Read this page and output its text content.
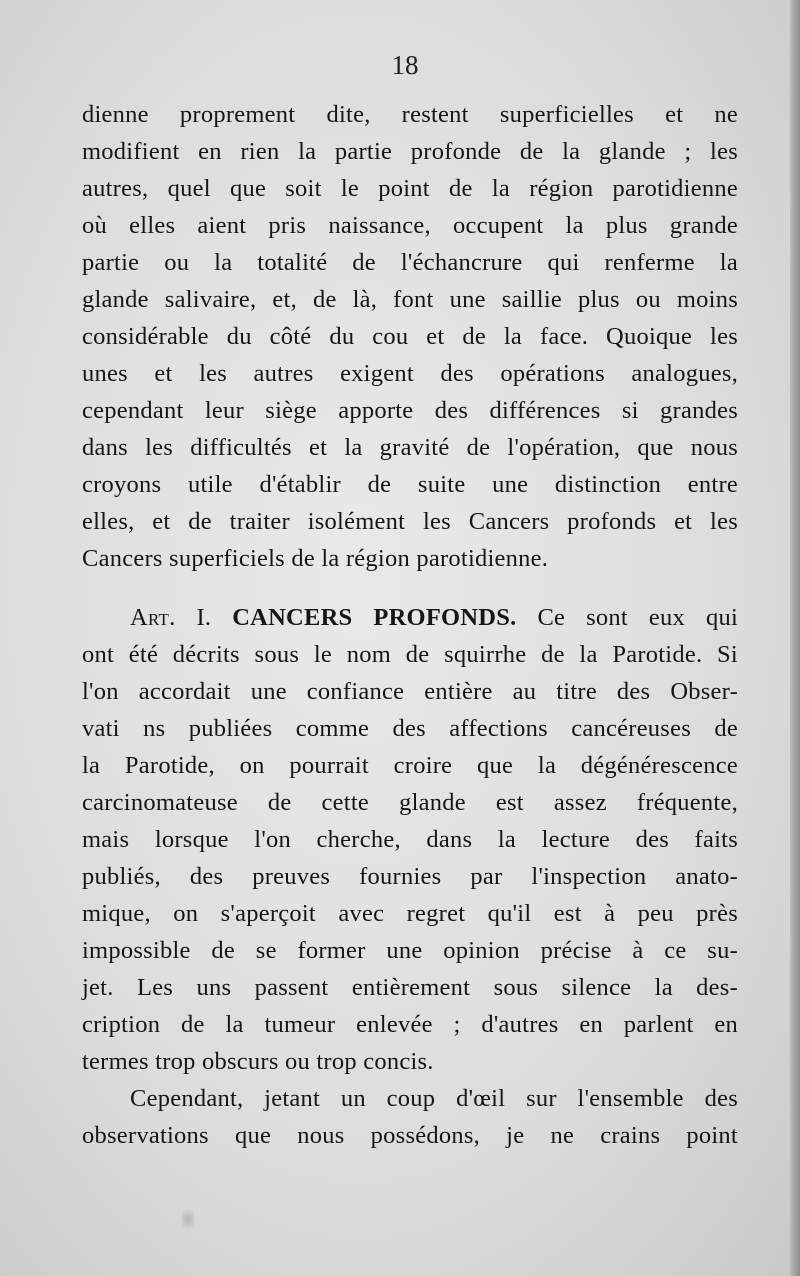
18
dienne proprement dite, restent superficielles et ne
modifient en rien la partie profonde de la glande ; les
autres, quel que soit le point de la région parotidienne
où elles aient pris naissance, occupent la plus grande
partie ou la totalité de l'échancrure qui renferme la
glande salivaire, et, de là, font une saillie plus ou moins
considérable du côté du cou et de la face. Quoique les
unes et les autres exigent des opérations analogues,
cependant leur siège apporte des différences si grandes
dans les difficultés et la gravité de l'opération, que nous
croyons utile d'établir de suite une distinction entre
elles, et de traiter isolément les Cancers profonds et les
Cancers superficiels de la région parotidienne.
Art. I. CANCERS PROFONDS. Ce sont eux qui
ont été décrits sous le nom de squirrhe de la Parotide. Si
l'on accordait une confiance entière au titre des Obser-
vati ns publiées comme des affections cancéreuses de
la Parotide, on pourrait croire que la dégénérescence
carcinomateuse de cette glande est assez fréquente,
mais lorsque l'on cherche, dans la lecture des faits
publiés, des preuves fournies par l'inspection anato-
mique, on s'aperçoit avec regret qu'il est à peu près
impossible de se former une opinion précise à ce su-
jet. Les uns passent entièrement sous silence la des-
cription de la tumeur enlevée ; d'autres en parlent en
termes trop obscurs ou trop concis.
Cependant, jetant un coup d'œil sur l'ensemble des
observations que nous possédons, je ne crains point
